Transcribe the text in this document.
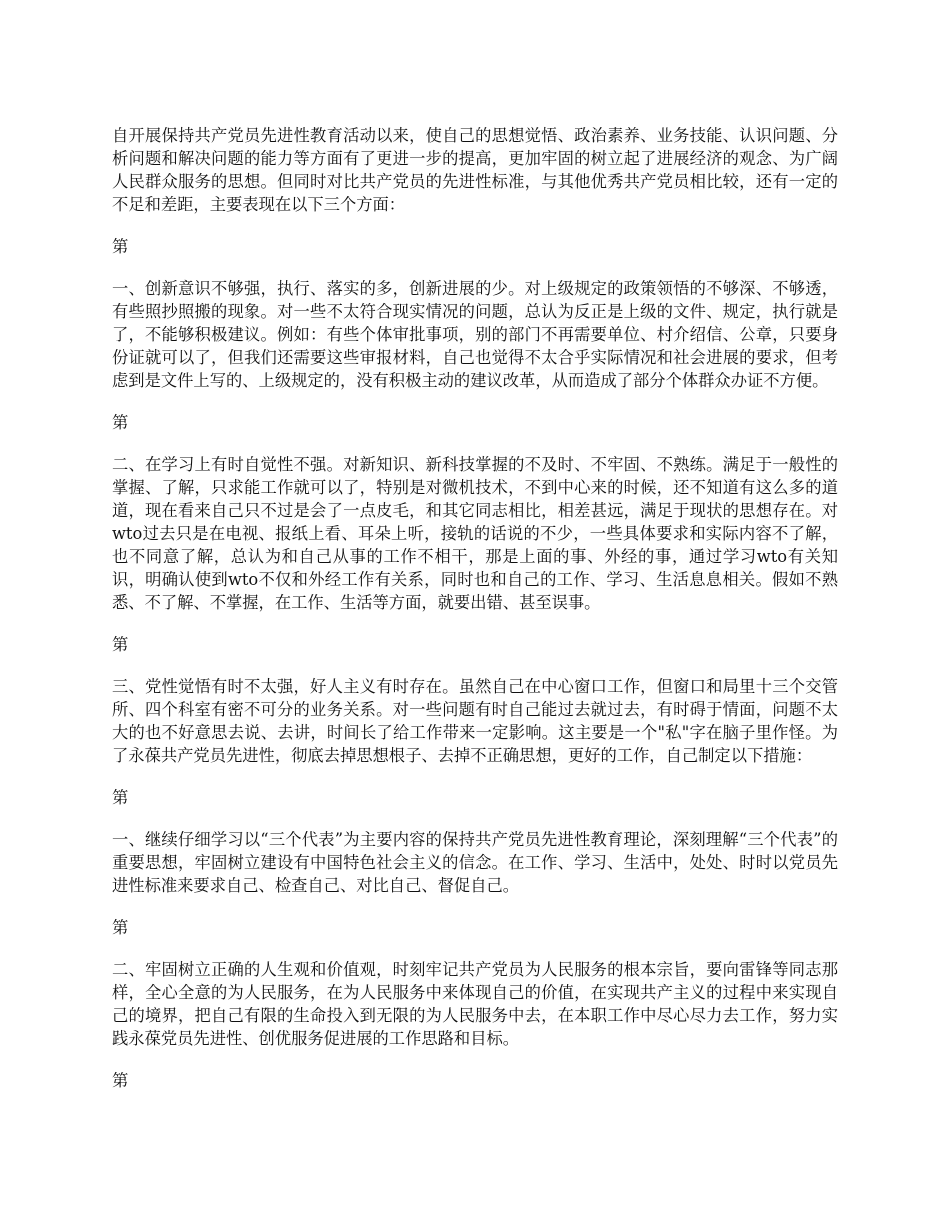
自开展保持共产党员先进性教育活动以来，使自己的思想觉悟、政治素养、业务技能、认识问题、分析问题和解决问题的能力等方面有了更进一步的提高，更加牢固的树立起了进展经济的观念、为广阔人民群众服务的思想。但同时对比共产党员的先进性标准，与其他优秀共产党员相比较，还有一定的不足和差距，主要表现在以下三个方面：

第

一、创新意识不够强，执行、落实的多，创新进展的少。对上级规定的政策领悟的不够深、不够透，有些照抄照搬的现象。对一些不太符合现实情况的问题，总认为反正是上级的文件、规定，执行就是了，不能够积极建议。例如：有些个体审批事项，别的部门不再需要单位、村介绍信、公章，只要身份证就可以了，但我们还需要这些审报材料，自己也觉得不太合乎实际情况和社会进展的要求，但考虑到是文件上写的、上级规定的，没有积极主动的建议改革，从而造成了部分个体群众办证不方便。

第

二、在学习上有时自觉性不强。对新知识、新科技掌握的不及时、不牢固、不熟练。满足于一般性的掌握、了解，只求能工作就可以了，特别是对微机技术，不到中心来的时候，还不知道有这么多的道道，现在看来自己只不过是会了一点皮毛，和其它同志相比，相差甚远，满足于现状的思想存在。对wto过去只是在电视、报纸上看、耳朵上听，接轨的话说的不少，一些具体要求和实际内容不了解，也不同意了解，总认为和自己从事的工作不相干，那是上面的事、外经的事，通过学习wto有关知识，明确认使到wto不仅和外经工作有关系，同时也和自己的工作、学习、生活息息相关。假如不熟悉、不了解、不掌握，在工作、生活等方面，就要出错、甚至误事。

第

三、党性觉悟有时不太强，好人主义有时存在。虽然自己在中心窗口工作，但窗口和局里十三个交管所、四个科室有密不可分的业务关系。对一些问题有时自己能过去就过去，有时碍于情面，问题不太大的也不好意思去说、去讲，时间长了给工作带来一定影响。这主要是一个"私"字在脑子里作怪。为了永葆共产党员先进性，彻底去掉思想根子、去掉不正确思想，更好的工作，自己制定以下措施：

第

一、继续仔细学习以“三个代表”为主要内容的保持共产党员先进性教育理论，深刻理解“三个代表”的重要思想，牢固树立建设有中国特色社会主义的信念。在工作、学习、生活中，处处、时时以党员先进性标准来要求自己、检查自己、对比自己、督促自己。

第

二、牢固树立正确的人生观和价值观，时刻牢记共产党员为人民服务的根本宗旨，要向雷锋等同志那样，全心全意的为人民服务，在为人民服务中来体现自己的价值，在实现共产主义的过程中来实现自己的境界，把自己有限的生命投入到无限的为人民服务中去，在本职工作中尽心尽力去工作，努力实践永葆党员先进性、创优服务促进展的工作思路和目标。

第
